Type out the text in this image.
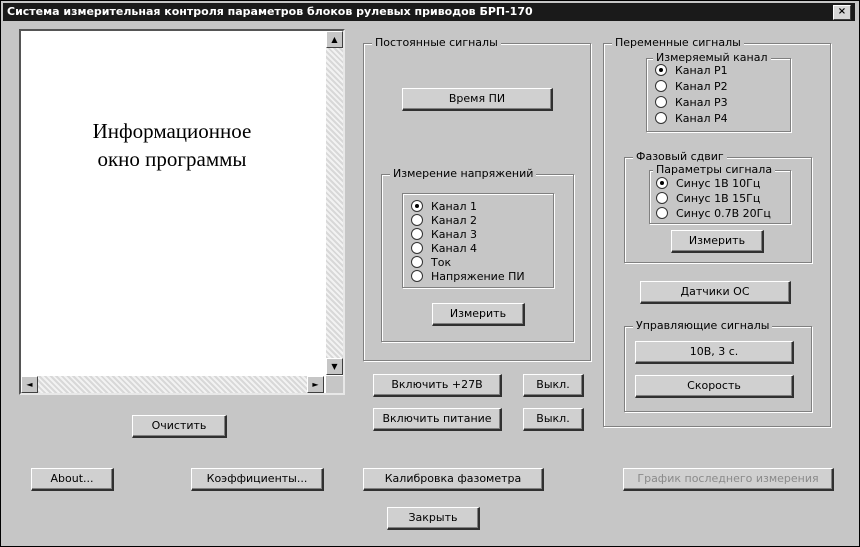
Система измерительная контроля параметров блоков рулевых приводов БРП-170	×
Информационное
окно программы
▲
▼
◄	►
Очистить
Постоянные сигналы
Время ПИ
Измерение напряжений
Канал 1
Канал 2
Канал 3
Канал 4
Ток
Напряжение ПИ
Измерить
Включить +27В	Выкл.
Включить питание	Выкл.
Переменные сигналы
Измеряемый канал
Канал Р1
Канал Р2
Канал Р3
Канал Р4
Фазовый сдвиг
Параметры сигнала
Синус 1В 10Гц
Синус 1В 15Гц
Синус 0.7В 20Гц
Измерить
Датчики ОС
Управляющие сигналы
10В, 3 с.
Скорость
About...	Коэффициенты...	Калибровка фазометра	График последнего измерения
Закрыть
